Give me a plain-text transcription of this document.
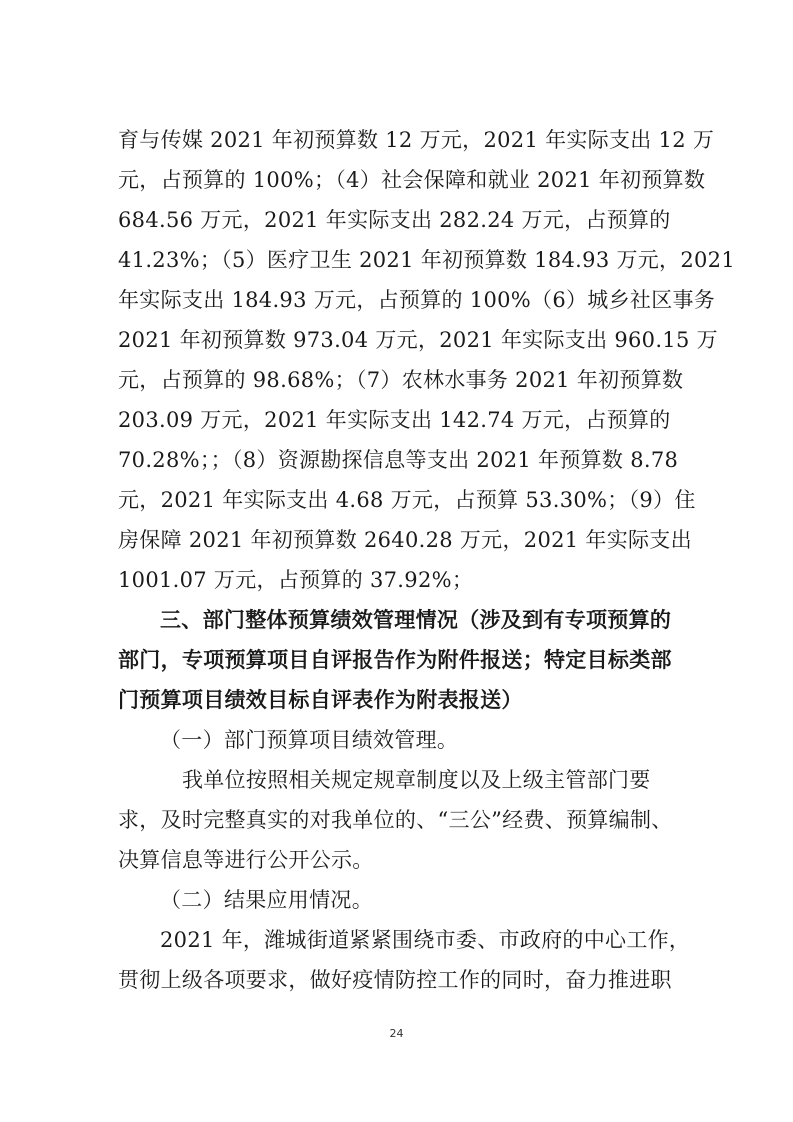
育与传媒 2021 年初预算数 12 万元，2021 年实际支出 12 万
元，占预算的 100%；（4）社会保障和就业 2021 年初预算数
684.56 万元，2021 年实际支出 282.24 万元，占预算的
41.23%；（5）医疗卫生 2021 年初预算数 184.93 万元，2021
年实际支出 184.93 万元，占预算的 100%（6）城乡社区事务
2021 年初预算数 973.04 万元，2021 年实际支出 960.15 万
元，占预算的 98.68%；（7）农林水事务 2021 年初预算数
203.09 万元，2021 年实际支出 142.74 万元，占预算的
70.28%；；（8）资源勘探信息等支出 2021 年预算数 8.78
元，2021 年实际支出 4.68 万元，占预算 53.30%；（9）住
房保障 2021 年初预算数 2640.28 万元，2021 年实际支出
1001.07 万元，占预算的 37.92%；
三、部门整体预算绩效管理情况（涉及到有专项预算的
部门，专项预算项目自评报告作为附件报送；特定目标类部
门预算项目绩效目标自评表作为附表报送）
（一）部门预算项目绩效管理。
我单位按照相关规定规章制度以及上级主管部门要
求，及时完整真实的对我单位的、“三公”经费、预算编制、
决算信息等进行公开公示。
（二）结果应用情况。
2021 年，潍城街道紧紧围绕市委、市政府的中心工作，
贯彻上级各项要求，做好疫情防控工作的同时，奋力推进职
24
